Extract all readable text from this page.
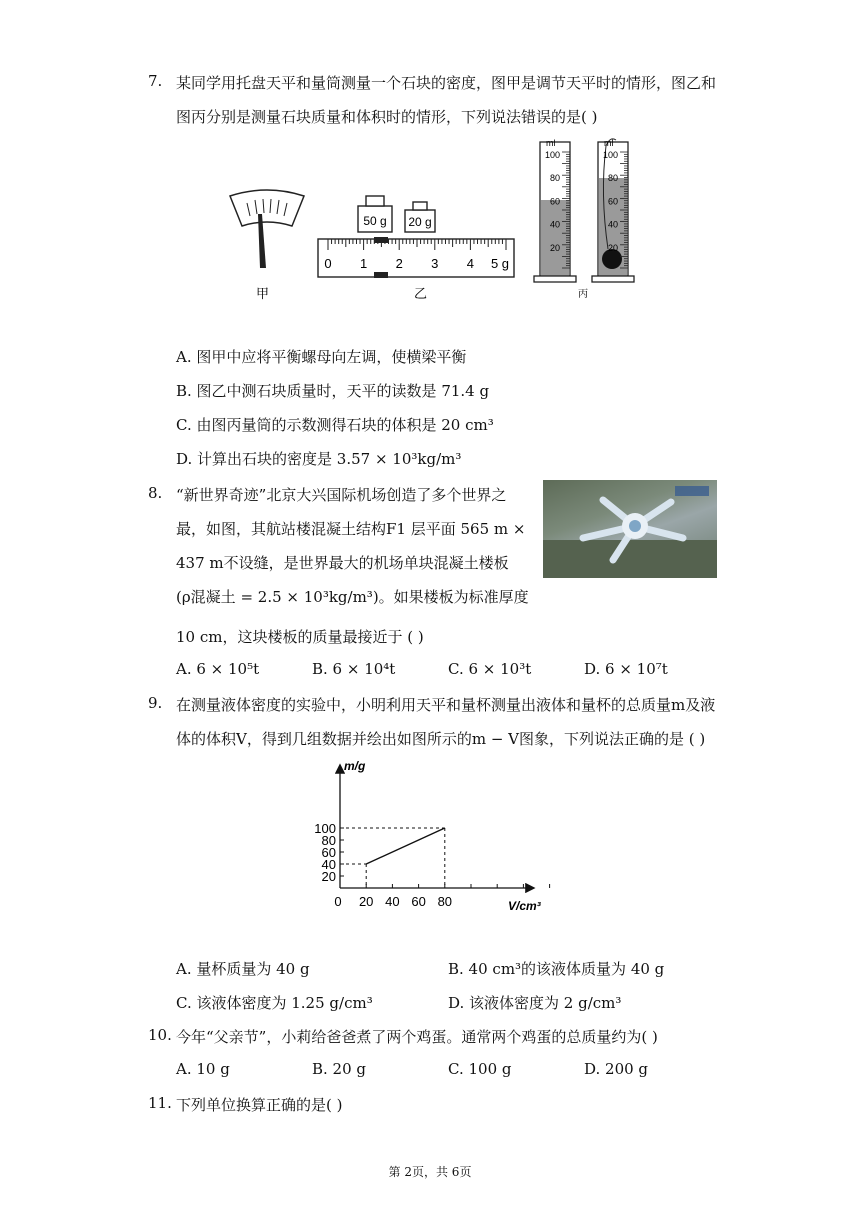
7. 某同学用托盘天平和量筒测量一个石块的密度，图甲是调节天平时的情形，图乙和
图丙分别是测量石块质量和体积时的情形，下列说法错误的是( )
甲
50 g 20 g
0 1 2 3 4 5 g
乙
100
80
60
40
20
100
80
60
40
20
ml	ml
丙
A. 图甲中应将平衡螺母向左调，使横梁平衡
B. 图乙中测石块质量时，天平的读数是 71.4 g
C. 由图丙量筒的示数测得石块的体积是 20 cm³
D. 计算出石块的密度是 3.57 × 10³kg/m³
8. “新世界奇迹”北京大兴国际机场创造了多个世界之
最，如图，其航站楼混凝土结构F1 层平面 565 m ×
437 m不设缝，是世界最大的机场单块混凝土楼板
(ρ混凝土 = 2.5 × 10³kg/m³)。如果楼板为标准厚度
10 cm，这块楼板的质量最接近于 ( )
A. 6 × 10⁵t	B. 6 × 10⁴t	C. 6 × 10³t	D. 6 × 10⁷t
9. 在测量液体密度的实验中，小明利用天平和量杯测量出液体和量杯的总质量m及液
体的体积V，得到几组数据并绘出如图所示的m − V图象，下列说法正确的是 ( )
m/g
V/cm³
0 20 40 60 80
20
40
60
80
100
A. 量杯质量为 40 g	B. 40 cm³的该液体质量为 40 g
C. 该液体密度为 1.25 g/cm³	D. 该液体密度为 2 g/cm³
10. 今年“父亲节”，小莉给爸爸煮了两个鸡蛋。通常两个鸡蛋的总质量约为( )
A. 10 g	B. 20 g	C. 100 g	D. 200 g
11. 下列单位换算正确的是( )
第 2页，共 6页
